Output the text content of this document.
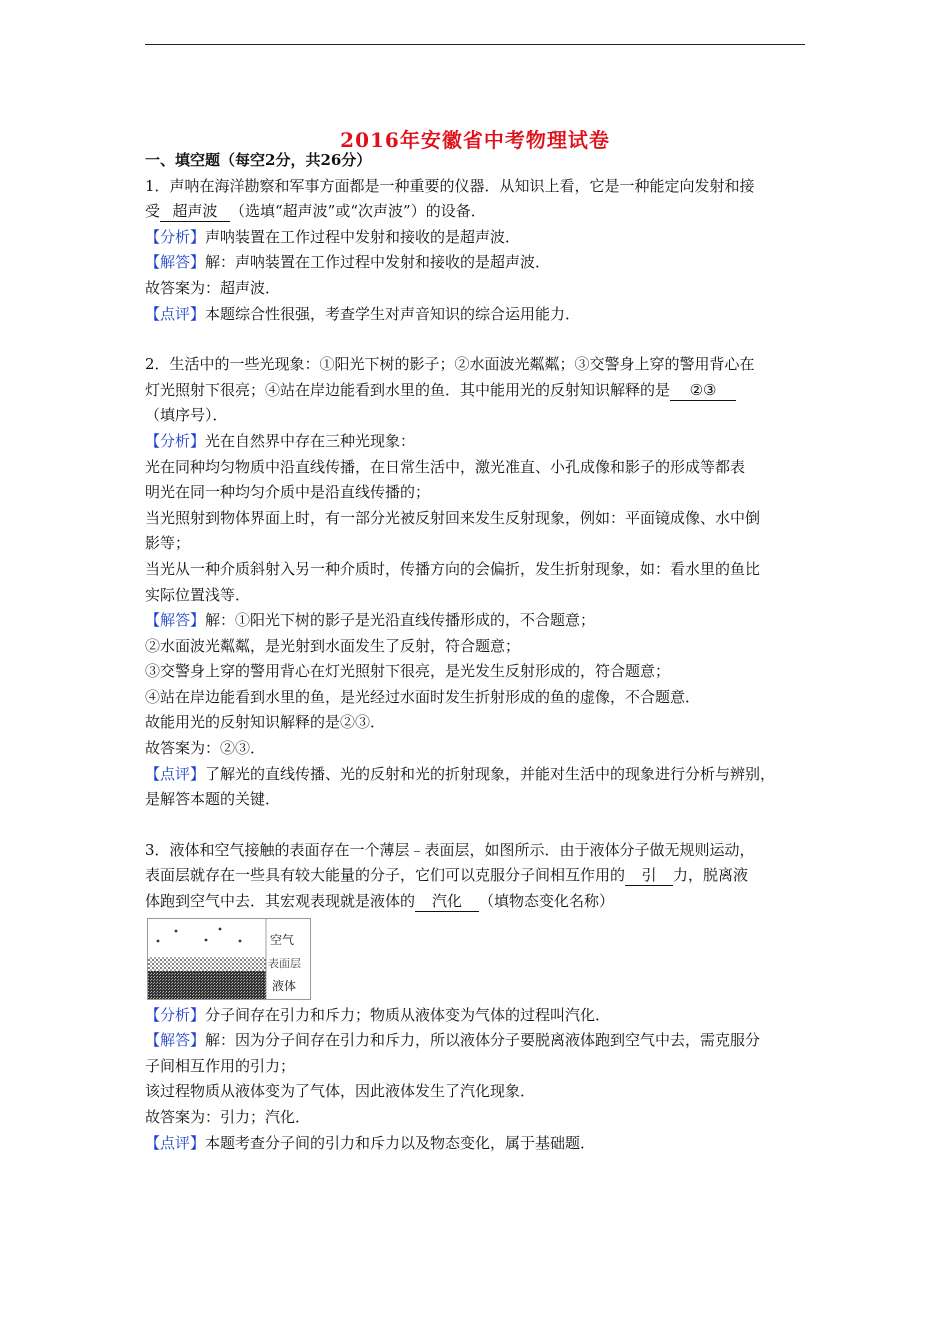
2016年安徽省中考物理试卷

一、填空题（每空2分，共26分）

1．声呐在海洋勘察和军事方面都是一种重要的仪器．从知识上看，它是一种能定向发射和接

受 超声波 （选填“超声波”或“次声波”）的设备．

【分析】声呐装置在工作过程中发射和接收的是超声波．

【解答】解：声呐装置在工作过程中发射和接收的是超声波．

故答案为：超声波．

【点评】本题综合性很强，考查学生对声音知识的综合运用能力．

2．生活中的一些光现象：①阳光下树的影子；②水面波光粼粼；③交警身上穿的警用背心在

灯光照射下很亮；④站在岸边能看到水里的鱼．其中能用光的反射知识解释的是 ②③

（填序号）．

【分析】光在自然界中存在三种光现象：

光在同种均匀物质中沿直线传播，在日常生活中，激光准直、小孔成像和影子的形成等都表

明光在同一种均匀介质中是沿直线传播的；

当光照射到物体界面上时，有一部分光被反射回来发生反射现象，例如：平面镜成像、水中倒

影等；

当光从一种介质斜射入另一种介质时，传播方向的会偏折，发生折射现象，如：看水里的鱼比

实际位置浅等．

【解答】解：①阳光下树的影子是光沿直线传播形成的，不合题意；

②水面波光粼粼，是光射到水面发生了反射，符合题意；

③交警身上穿的警用背心在灯光照射下很亮，是光发生反射形成的，符合题意；

④站在岸边能看到水里的鱼，是光经过水面时发生折射形成的鱼的虚像，不合题意．

故能用光的反射知识解释的是②③．

故答案为：②③．

【点评】了解光的直线传播、光的反射和光的折射现象，并能对生活中的现象进行分析与辨别，

是解答本题的关键．

3．液体和空气接触的表面存在一个薄层﹣表面层，如图所示．由于液体分子做无规则运动，

表面层就存在一些具有较大能量的分子，它们可以克服分子间相互作用的 引 力，脱离液

体跑到空气中去．其宏观表现就是液体的 汽化 （填物态变化名称）

空气
表面层
液体

【分析】分子间存在引力和斥力；物质从液体变为气体的过程叫汽化．

【解答】解：因为分子间存在引力和斥力，所以液体分子要脱离液体跑到空气中去，需克服分

子间相互作用的引力；

该过程物质从液体变为了气体，因此液体发生了汽化现象．

故答案为：引力；汽化．

【点评】本题考查分子间的引力和斥力以及物态变化，属于基础题．
